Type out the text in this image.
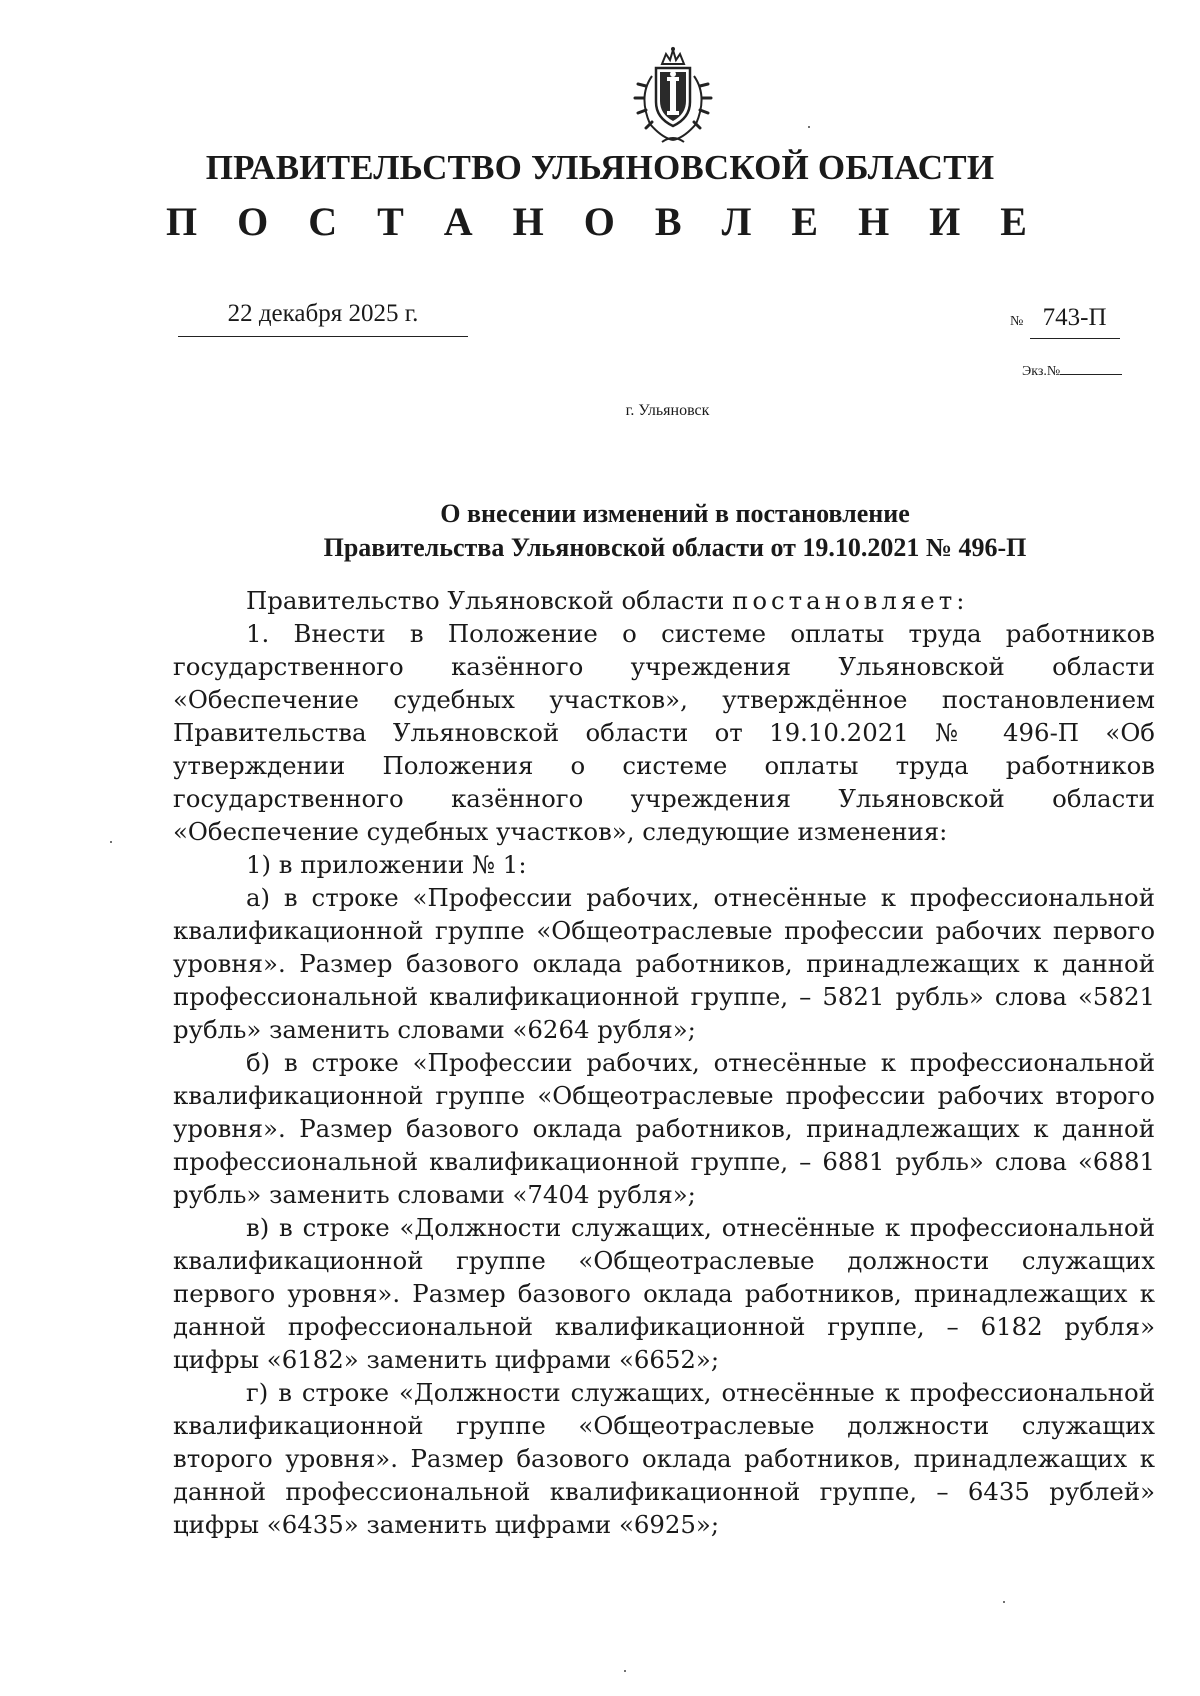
ПРАВИТЕЛЬСТВО УЛЬЯНОВСКОЙ ОБЛАСТИ
П О С Т А Н О В Л Е Н И Е
22 декабря 2025 г.	№ 743-П
Экз.№
г. Ульяновск
О внесении изменений в постановление
Правительства Ульяновской области от 19.10.2021 № 496-П

Правительство Ульяновской области постановляет:

1. Внести в Положение о системе оплаты труда работников государственного казённого учреждения Ульяновской области «Обеспечение судебных участков», утверждённое постановлением Правительства Ульяновской области от 19.10.2021 № 496-П «Об утверждении Положения о системе оплаты труда работников государственного казённого учреждения Ульяновской области «Обеспечение судебных участков», следующие изменения:

1) в приложении № 1:

а) в строке «Профессии рабочих, отнесённые к профессиональной квалификационной группе «Общеотраслевые профессии рабочих первого уровня». Размер базового оклада работников, принадлежащих к данной профессиональной квалификационной группе, – 5821 рубль» слова «5821 рубль» заменить словами «6264 рубля»;

б) в строке «Профессии рабочих, отнесённые к профессиональной квалификационной группе «Общеотраслевые профессии рабочих второго уровня». Размер базового оклада работников, принадлежащих к данной профессиональной квалификационной группе, – 6881 рубль» слова «6881 рубль» заменить словами «7404 рубля»;

в) в строке «Должности служащих, отнесённые к профессиональной квалификационной группе «Общеотраслевые должности служащих первого уровня». Размер базового оклада работников, принадлежащих к данной профессиональной квалификационной группе, – 6182 рубля» цифры «6182» заменить цифрами «6652»;

г) в строке «Должности служащих, отнесённые к профессиональной квалификационной группе «Общеотраслевые должности служащих второго уровня». Размер базового оклада работников, принадлежащих к данной профессиональной квалификационной группе, – 6435 рублей» цифры «6435» заменить цифрами «6925»;
